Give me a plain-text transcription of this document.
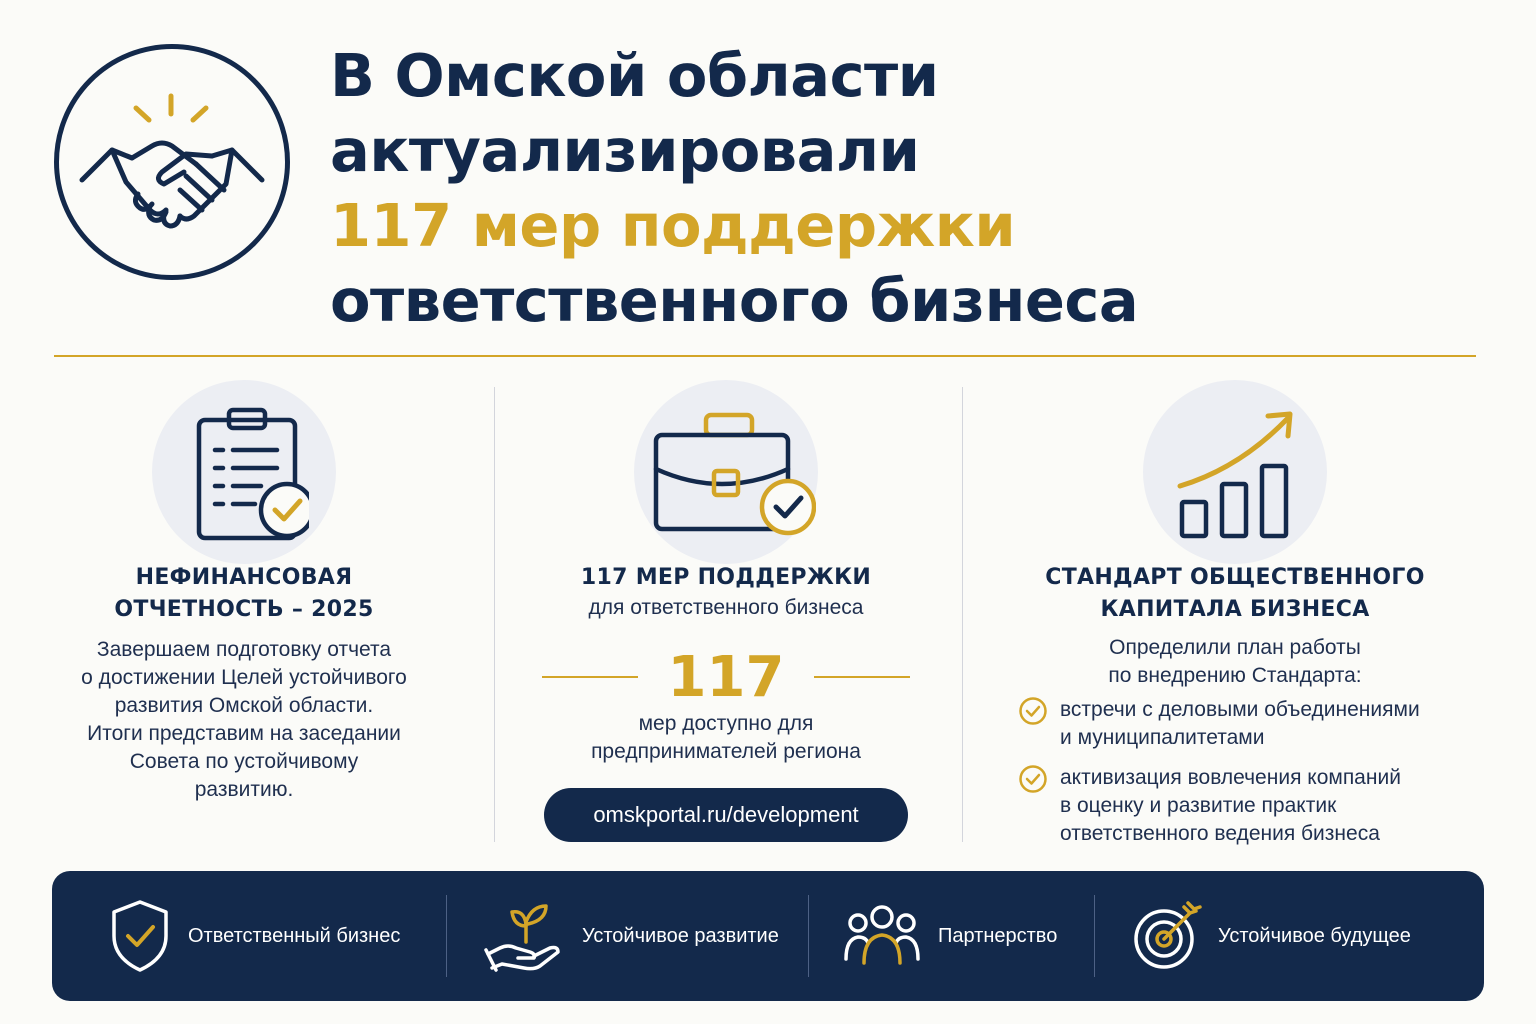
В Омской области
актуализировали
117 мер поддержки
ответственного бизнеса
НЕФИНАНСОВАЯ
ОТЧЕТНОСТЬ – 2025
Завершаем подготовку отчета
о достижении Целей устойчивого
развития Омской области.
Итоги представим на заседании
Совета по устойчивому
развитию.
117 МЕР ПОДДЕРЖКИ
для ответственного бизнеса
117
мер доступно для
предпринимателей региона
omskportal.ru/development
СТАНДАРТ ОБЩЕСТВЕННОГО
КАПИТАЛА БИЗНЕСА
Определили план работы
по внедрению Стандарта:
встречи с деловыми объединениями
и муниципалитетами
активизация вовлечения компаний
в оценку и развитие практик
ответственного ведения бизнеса
Ответственный бизнес	Устойчивое развитие	Партнерство	Устойчивое будущее
